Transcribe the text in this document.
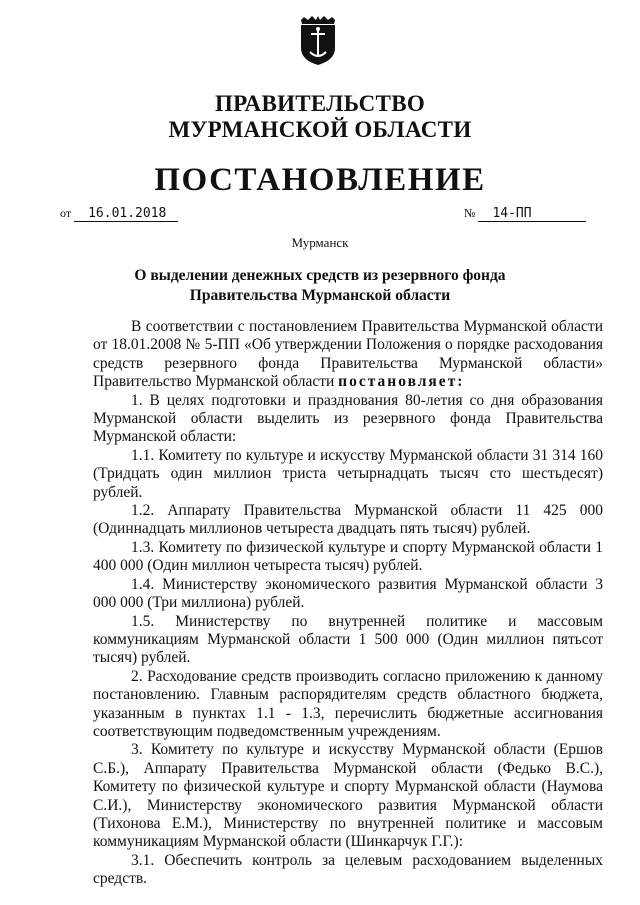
ПРАВИТЕЛЬСТВО
МУРМАНСКОЙ ОБЛАСТИ
ПОСТАНОВЛЕНИЕ
от 16.01.2018	№ 14-ПП
Мурманск
О выделении денежных средств из резервного фонда
Правительства Мурманской области

В соответствии с постановлением Правительства Мурманской области от 18.01.2008 № 5-ПП «Об утверждении Положения о порядке расходования средств резервного фонда Правительства Мурманской области» Правительство Мурманской области постановляет:

1. В целях подготовки и празднования 80-летия со дня образования Мурманской области выделить из резервного фонда Правительства Мурманской области:

1.1. Комитету по культуре и искусству Мурманской области 31 314 160 (Тридцать один миллион триста четырнадцать тысяч сто шестьдесят) рублей.

1.2. Аппарату Правительства Мурманской области 11 425 000 (Одиннадцать миллионов четыреста двадцать пять тысяч) рублей.

1.3. Комитету по физической культуре и спорту Мурманской области 1 400 000 (Один миллион четыреста тысяч) рублей.

1.4. Министерству экономического развития Мурманской области 3 000 000 (Три миллиона) рублей.

1.5. Министерству по внутренней политике и массовым коммуникациям Мурманской области 1 500 000 (Один миллион пятьсот тысяч) рублей.

2. Расходование средств производить согласно приложению к данному постановлению. Главным распорядителям средств областного бюджета, указанным в пунктах 1.1 - 1.3, перечислить бюджетные ассигнования соответствующим подведомственным учреждениям.

3. Комитету по культуре и искусству Мурманской области (Ершов С.Б.), Аппарату Правительства Мурманской области (Федько В.С.), Комитету по физической культуре и спорту Мурманской области (Наумова С.И.), Министерству экономического развития Мурманской области (Тихонова Е.М.), Министерству по внутренней политике и массовым коммуникациям Мурманской области (Шинкарчук Г.Г.):

3.1. Обеспечить контроль за целевым расходованием выделенных средств.
